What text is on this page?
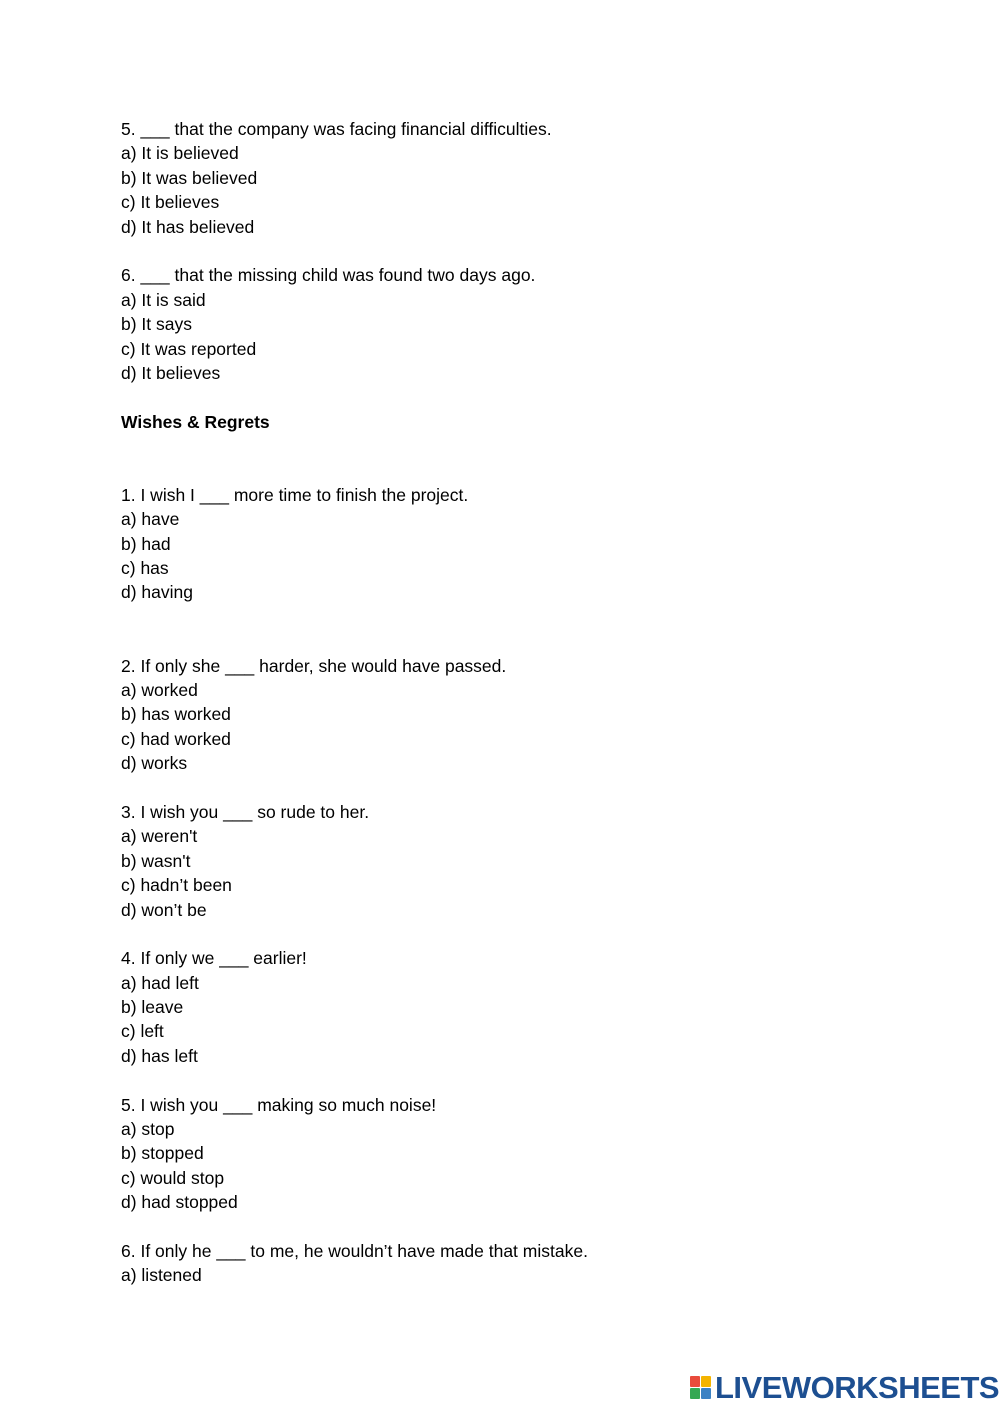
5. ___ that the company was facing financial difficulties.
a) It is believed
b) It was believed
c) It believes
d) It has believed
6. ___ that the missing child was found two days ago.
a) It is said
b) It says
c) It was reported
d) It believes
Wishes & Regrets
1. I wish I ___ more time to finish the project.
a) have
b) had
c) has
d) having
2. If only she ___ harder, she would have passed.
a) worked
b) has worked
c) had worked
d) works
3. I wish you ___ so rude to her.
a) weren't
b) wasn't
c) hadn’t been
d) won’t be
4. If only we ___ earlier!
a) had left
b) leave
c) left
d) has left
5. I wish you ___ making so much noise!
a) stop
b) stopped
c) would stop
d) had stopped
6. If only he ___ to me, he wouldn’t have made that mistake.
a) listened
LIVEWORKSHEETS
